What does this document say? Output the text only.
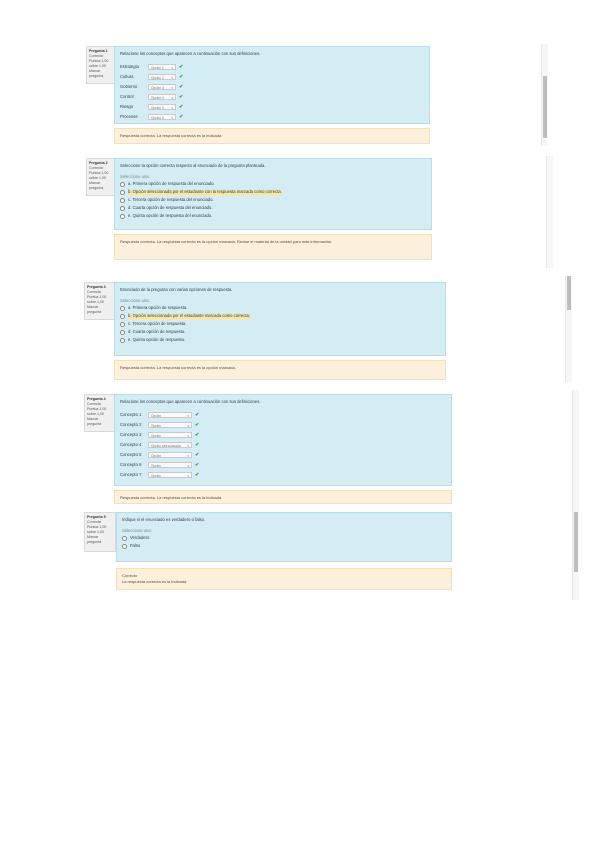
Pregunta 1
Correcta
Puntúa 1,00 sobre 1,00
Marcar pregunta
Relacione los conceptos que aparecen a continuación con sus definiciones.
Estrategia	Opción 1 ▾ ✔
Cultura	Opción 2 ▾ ✔
Gobierno	Opción 3 ▾ ✔
Control	Opción 4 ▾ ✔
Riesgo	Opción 5 ▾ ✔
Procesos	Opción 6 ▾ ✔
Respuesta correcta. La respuesta correcta es la indicada.
Pregunta 2
Correcta
Puntúa 1,00 sobre 1,00
Marcar pregunta
Seleccione la opción correcta respecto al enunciado de la pregunta planteada.
Seleccione una:
a. Primera opción de respuesta del enunciado.
b. Opción seleccionada por el estudiante con la respuesta marcada como correcta.
c. Tercera opción de respuesta del enunciado.
d. Cuarta opción de respuesta del enunciado.
e. Quinta opción de respuesta del enunciado.
Respuesta correcta. La respuesta correcta es la opción marcada. Revise el material de la unidad para más información.
Pregunta 3
Correcta
Puntúa 1,00 sobre 1,00
Marcar pregunta
Enunciado de la pregunta con varias opciones de respuesta.
Seleccione una:
a. Primera opción de respuesta.
b. Opción seleccionada por el estudiante marcada como correcta.
c. Tercera opción de respuesta.
d. Cuarta opción de respuesta.
e. Quinta opción de respuesta.
Respuesta correcta. La respuesta correcta es la opción marcada.
Pregunta 4
Correcta
Puntúa 1,00 sobre 1,00
Marcar pregunta
Relacione los conceptos que aparecen a continuación con sus definiciones.
Concepto 1	Opción	▾ ✔
Concepto 2	Opción	▾ ✔
Concepto 3	Opción	▾ ✔
Concepto 4	Opción seleccionada ▾ ✔
Concepto 5	Opción	▾ ✔
Concepto 6	Opción	▾ ✔
Concepto 7	Opción	▾ ✔
Respuesta correcta. La respuesta correcta es la indicada.
Pregunta 5
Correcta
Puntúa 1,00 sobre 1,00
Marcar pregunta
Indique si el enunciado es verdadero o falso.
Seleccione una:
Verdadero
Falso
Correcto
La respuesta correcta es la indicada.
